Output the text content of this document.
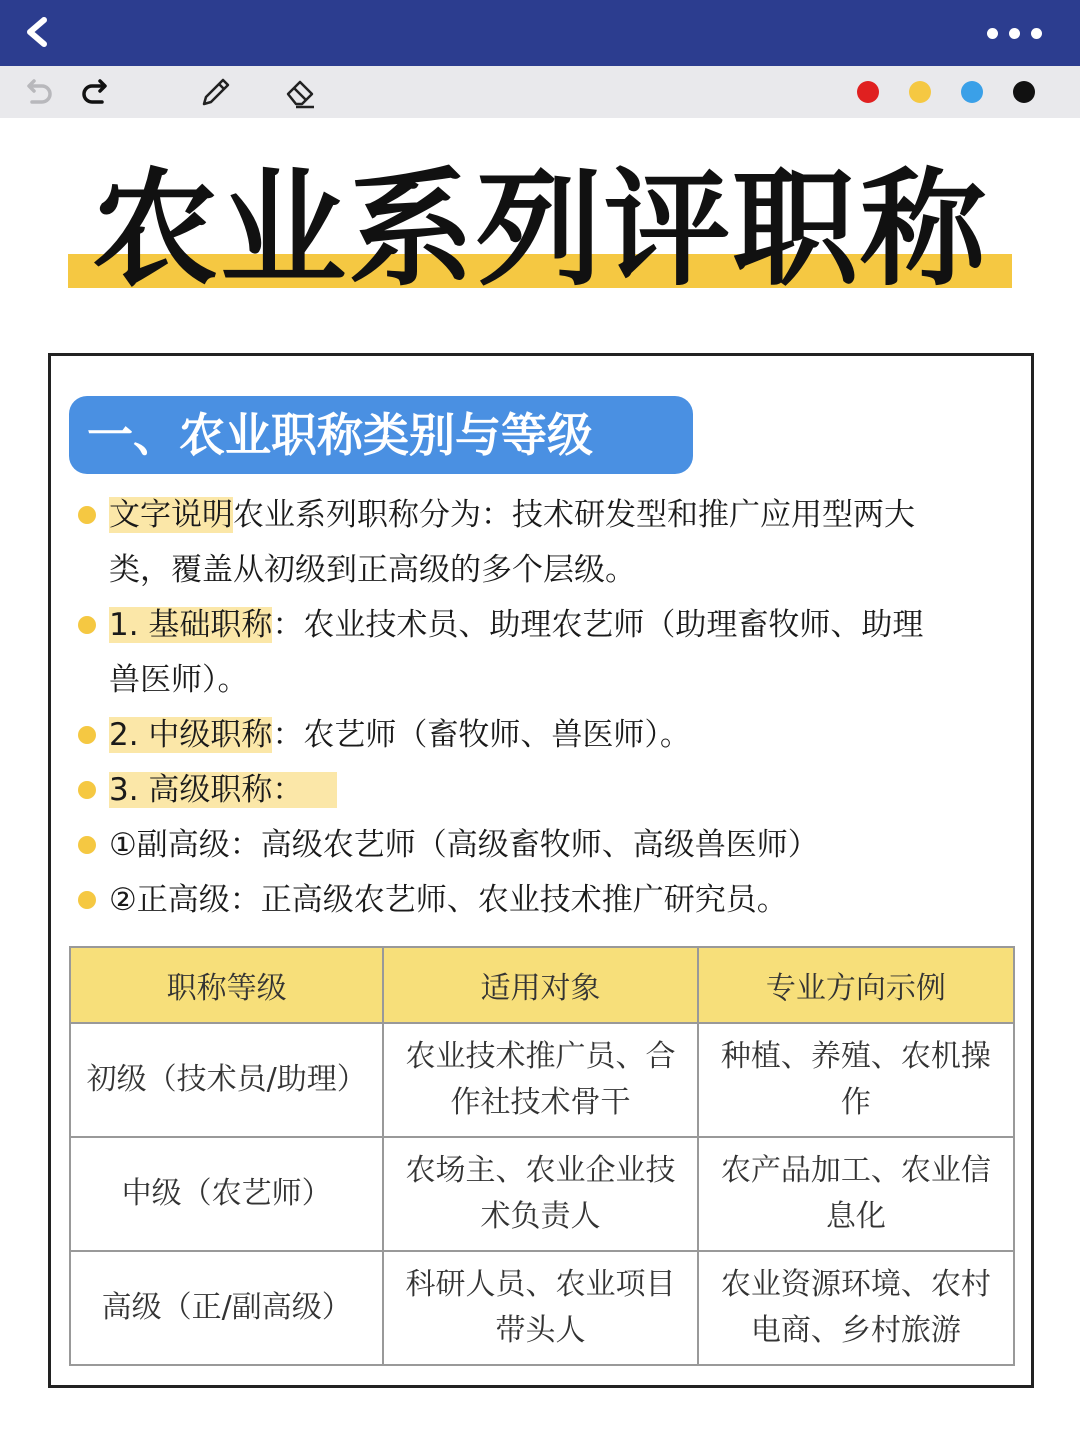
农业系列评职称
一、农业职称类别与等级
文字说明农业系列职称分为：技术研发型和推广应用型两大
类，覆盖从初级到正高级的多个层级。
1. 基础职称：农业技术员、助理农艺师（助理畜牧师、助理
兽医师）。
2. 中级职称：农艺师（畜牧师、兽医师）。
3. 高级职称：
①副高级：高级农艺师（高级畜牧师、高级兽医师）
②正高级：正高级农艺师、农业技术推广研究员。
职称等级	适用对象	专业方向示例
初级（技术员/助理）	农业技术推广员、合作社技术骨干	种植、养殖、农机操作
中级（农艺师）	农场主、农业企业技术负责人	农产品加工、农业信息化
高级（正/副高级）	科研人员、农业项目带头人	农业资源环境、农村电商、乡村旅游
